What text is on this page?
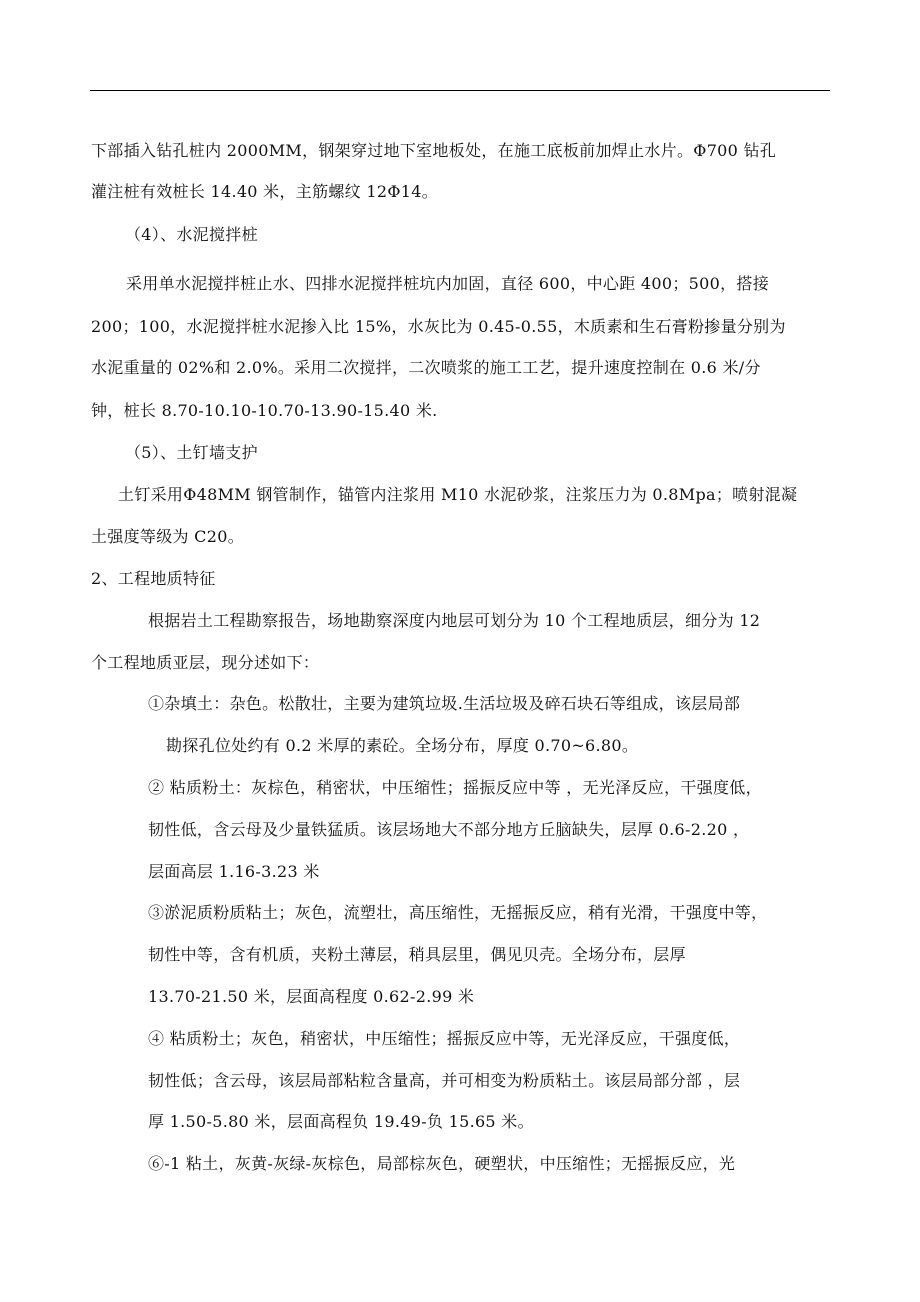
下部插入钻孔桩内 2000MM，钢架穿过地下室地板处，在施工底板前加焊止水片。Φ700 钻孔
灌注桩有效桩长 14.40 米，主筋螺纹 12Φ14。
（4）、水泥搅拌桩
采用单水泥搅拌桩止水、四排水泥搅拌桩坑内加固，直径 600，中心距 400；500，搭接
200；100，水泥搅拌桩水泥掺入比 15%，水灰比为 0.45-0.55，木质素和生石膏粉掺量分别为
水泥重量的 02%和 2.0%。采用二次搅拌，二次喷浆的施工工艺，提升速度控制在 0.6 米/分
钟，桩长 8.70-10.10-10.70-13.90-15.40 米.
（5）、土钉墙支护
土钉采用Φ48MM 钢管制作，锚管内注浆用 M10 水泥砂浆，注浆压力为 0.8Mpa；喷射混凝
土强度等级为 C20。
2、工程地质特征
根据岩土工程勘察报告，场地勘察深度内地层可划分为 10 个工程地质层，细分为 12
个工程地质亚层，现分述如下：
①杂填土：杂色。松散壮，主要为建筑垃圾.生活垃圾及碎石块石等组成，该层局部
勘探孔位处约有 0.2 米厚的素砼。全场分布，厚度 0.70~6.80。
② 粘质粉土：灰棕色，稍密状，中压缩性；摇振反应中等 ，无光泽反应，干强度低，
韧性低，含云母及少量铁猛质。该层场地大不部分地方丘脑缺失，层厚 0.6-2.20 ，
层面高层 1.16-3.23 米
③淤泥质粉质粘土；灰色，流塑壮，高压缩性，无摇振反应，稍有光滑，干强度中等，
韧性中等，含有机质，夹粉土薄层，稍具层里，偶见贝壳。全场分布，层厚
13.70-21.50 米，层面高程度 0.62-2.99 米
④ 粘质粉土；灰色，稍密状，中压缩性；摇振反应中等，无光泽反应，干强度低，
韧性低；含云母，该层局部粘粒含量高，并可相变为粉质粘土。该层局部分部 ，层
厚 1.50-5.80 米，层面高程负 19.49-负 15.65 米。
⑥-1 粘土，灰黄-灰绿-灰棕色，局部棕灰色，硬塑状，中压缩性；无摇振反应，光
